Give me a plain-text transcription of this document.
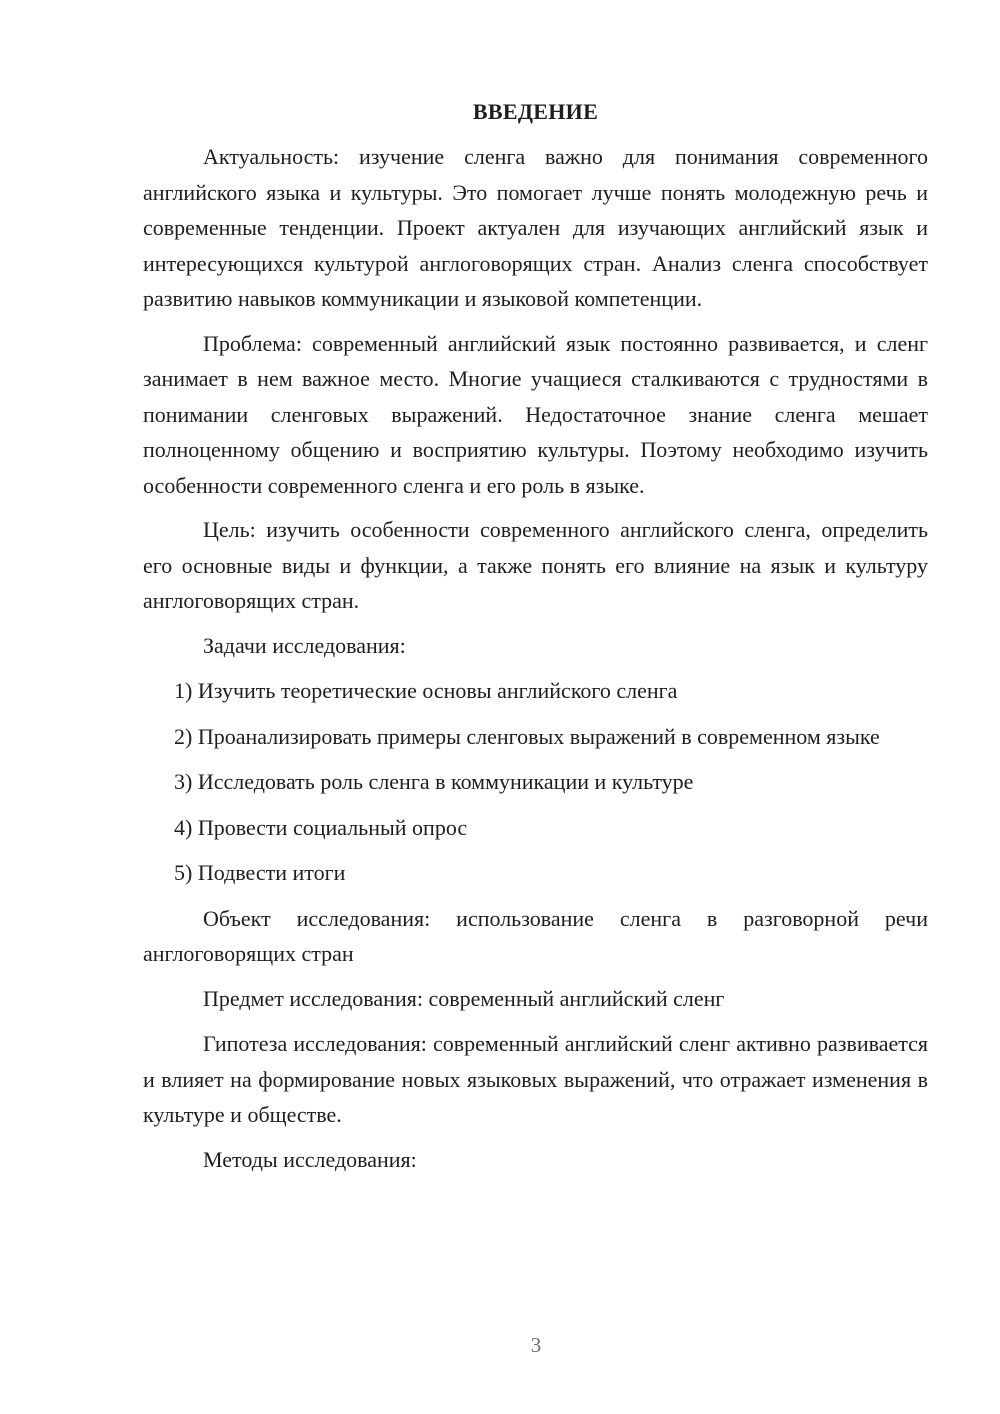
ВВЕДЕНИЕ

Актуальность: изучение сленга важно для понимания современного английского языка и культуры. Это помогает лучше понять молодежную речь и современные тенденции. Проект актуален для изучающих английский язык и интересующихся культурой англоговорящих стран. Анализ сленга способствует развитию навыков коммуникации и языковой компетенции.

Проблема: современный английский язык постоянно развивается, и сленг занимает в нем важное место. Многие учащиеся сталкиваются с трудностями в понимании сленговых выражений. Недостаточное знание сленга мешает полноценному общению и восприятию культуры. Поэтому необходимо изучить особенности современного сленга и его роль в языке.

Цель: изучить особенности современного английского сленга, определить его основные виды и функции, а также понять его влияние на язык и культуру англоговорящих стран.

Задачи исследования:

1) Изучить теоретические основы английского сленга

2) Проанализировать примеры сленговых выражений в современном языке

3) Исследовать роль сленга в коммуникации и культуре

4) Провести социальный опрос

5) Подвести итоги

Объект исследования: использование сленга в разговорной речи англоговорящих стран

Предмет исследования: современный английский сленг

Гипотеза исследования: современный английский сленг активно развивается и влияет на формирование новых языковых выражений, что отражает изменения в культуре и обществе.

Методы исследования:

3
